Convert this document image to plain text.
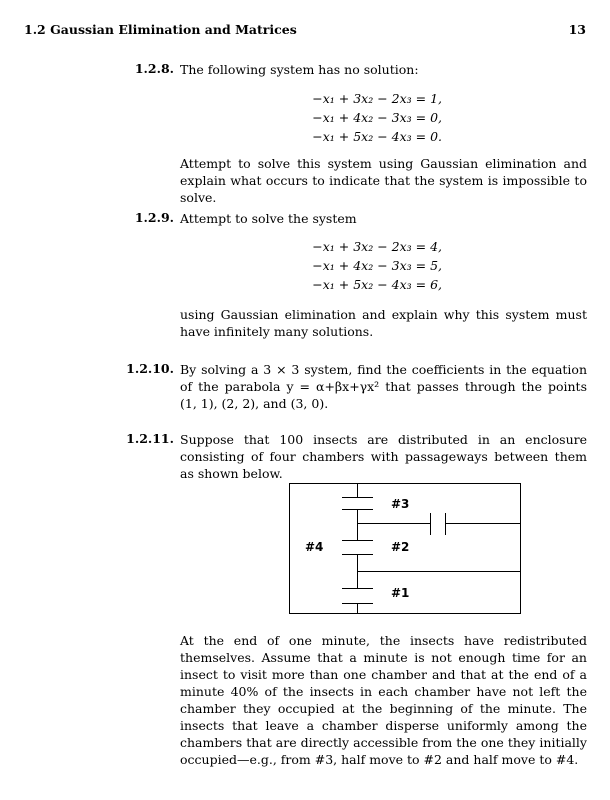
1.2 Gaussian Elimination and Matrices	13
1.2.8. The following system has no solution:
−x₁ + 3x₂ − 2x₃ = 1,
−x₁ + 4x₂ − 3x₃ = 0,
−x₁ + 5x₂ − 4x₃ = 0.
Attempt to solve this system using Gaussian elimination and explain what occurs to indicate that the system is impossible to solve.
1.2.9. Attempt to solve the system
−x₁ + 3x₂ − 2x₃ = 4,
−x₁ + 4x₂ − 3x₃ = 5,
−x₁ + 5x₂ − 4x₃ = 6,
using Gaussian elimination and explain why this system must have infinitely many solutions.
1.2.10. By solving a 3 × 3 system, find the coefficients in the equation of the parabola y = α+βx+γx² that passes through the points (1, 1), (2, 2), and (3, 0).
1.2.11. Suppose that 100 insects are distributed in an enclosure consisting of four chambers with passageways between them as shown below.
#3
#2
#4
#1
At the end of one minute, the insects have redistributed themselves. Assume that a minute is not enough time for an insect to visit more than one chamber and that at the end of a minute 40% of the insects in each chamber have not left the chamber they occupied at the beginning of the minute. The insects that leave a chamber disperse uniformly among the chambers that are directly accessible from the one they initially occupied—e.g., from #3, half move to #2 and half move to #4.
